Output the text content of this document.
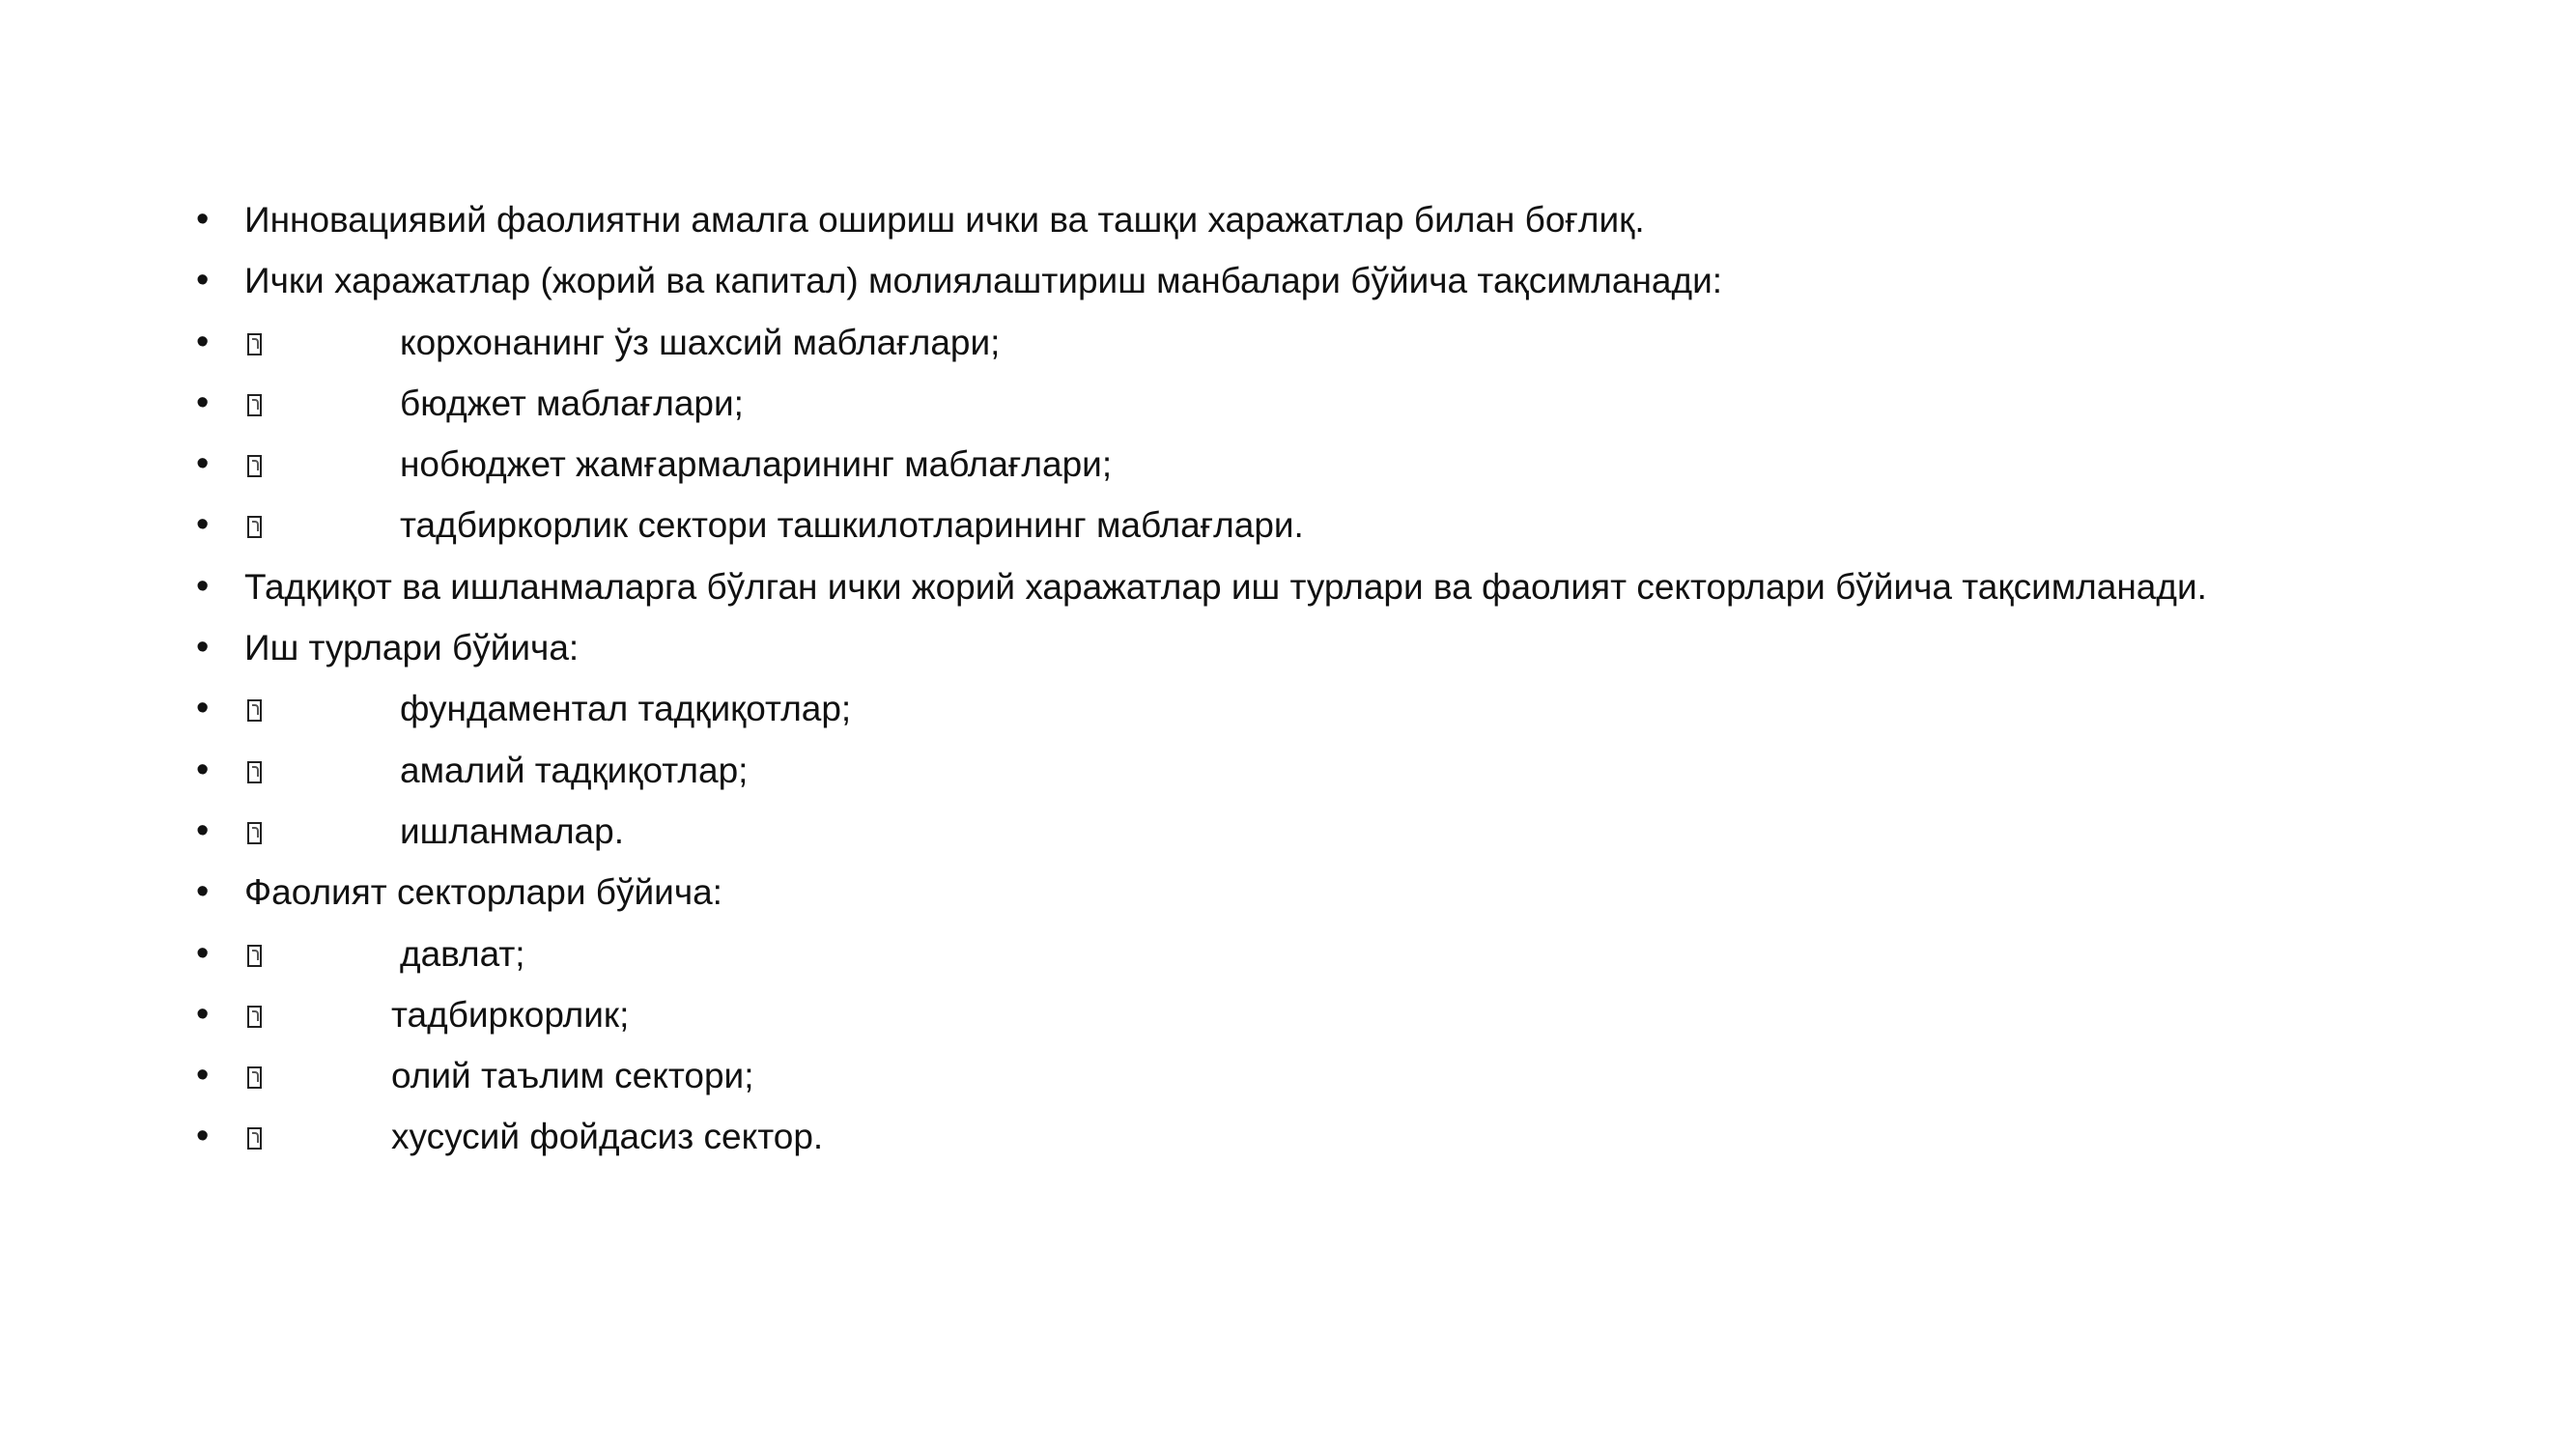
• Инновациявий фаолиятни амалга ошириш ички ва ташқи харажатлар билан боғлиқ.
• Ички харажатлар (жорий ва капитал) молиялаштириш манбалари бўйича тақсимланади:
•	корхонанинг ўз шахсий маблағлари;
•	бюджет маблағлари;
•	нобюджет жамғармаларининг маблағлари;
•	тадбиркорлик сектори ташкилотларининг маблағлари.
• Тадқиқот ва ишланмаларга бўлган ички жорий харажатлар иш турлари ва фаолият секторлари бўйича тақсимланади.
• Иш турлари бўйича:
•	фундаментал тадқиқотлар;
•	амалий тадқиқотлар;
•	ишланмалар.
• Фаолият секторлари бўйича:
•	давлат;
•	тадбиркорлик;
•	олий таълим сектори;
•	хусусий фойдасиз сектор.
